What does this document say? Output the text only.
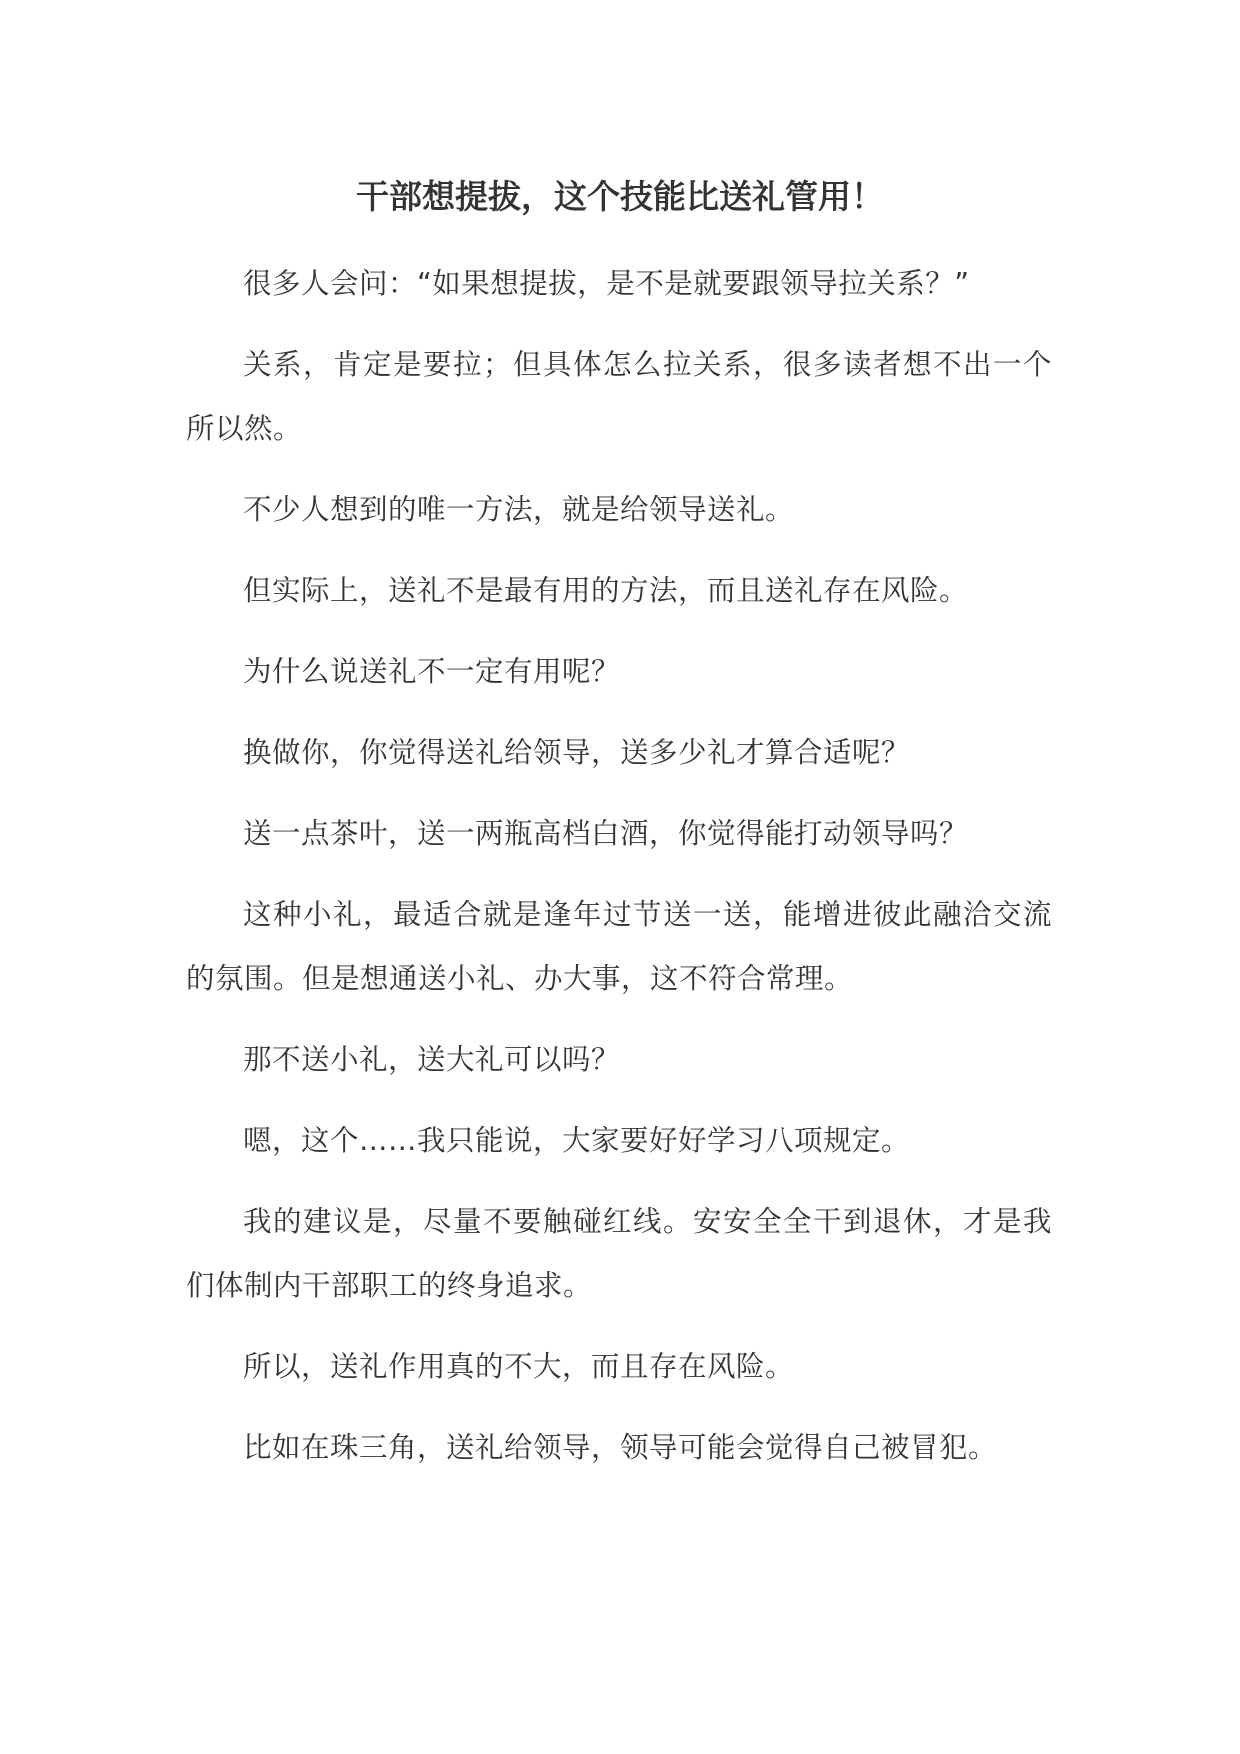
干部想提拔，这个技能比送礼管用！

很多人会问：“如果想提拔，是不是就要跟领导拉关系？”

关系，肯定是要拉；但具体怎么拉关系，很多读者想不出一个所以然。

不少人想到的唯一方法，就是给领导送礼。

但实际上，送礼不是最有用的方法，而且送礼存在风险。

为什么说送礼不一定有用呢？

换做你，你觉得送礼给领导，送多少礼才算合适呢？

送一点茶叶，送一两瓶高档白酒，你觉得能打动领导吗？

这种小礼，最适合就是逢年过节送一送，能增进彼此融洽交流的氛围。但是想通送小礼、办大事，这不符合常理。

那不送小礼，送大礼可以吗？

嗯，这个……我只能说，大家要好好学习八项规定。

我的建议是，尽量不要触碰红线。安安全全干到退休，才是我们体制内干部职工的终身追求。

所以，送礼作用真的不大，而且存在风险。

比如在珠三角，送礼给领导，领导可能会觉得自己被冒犯。
